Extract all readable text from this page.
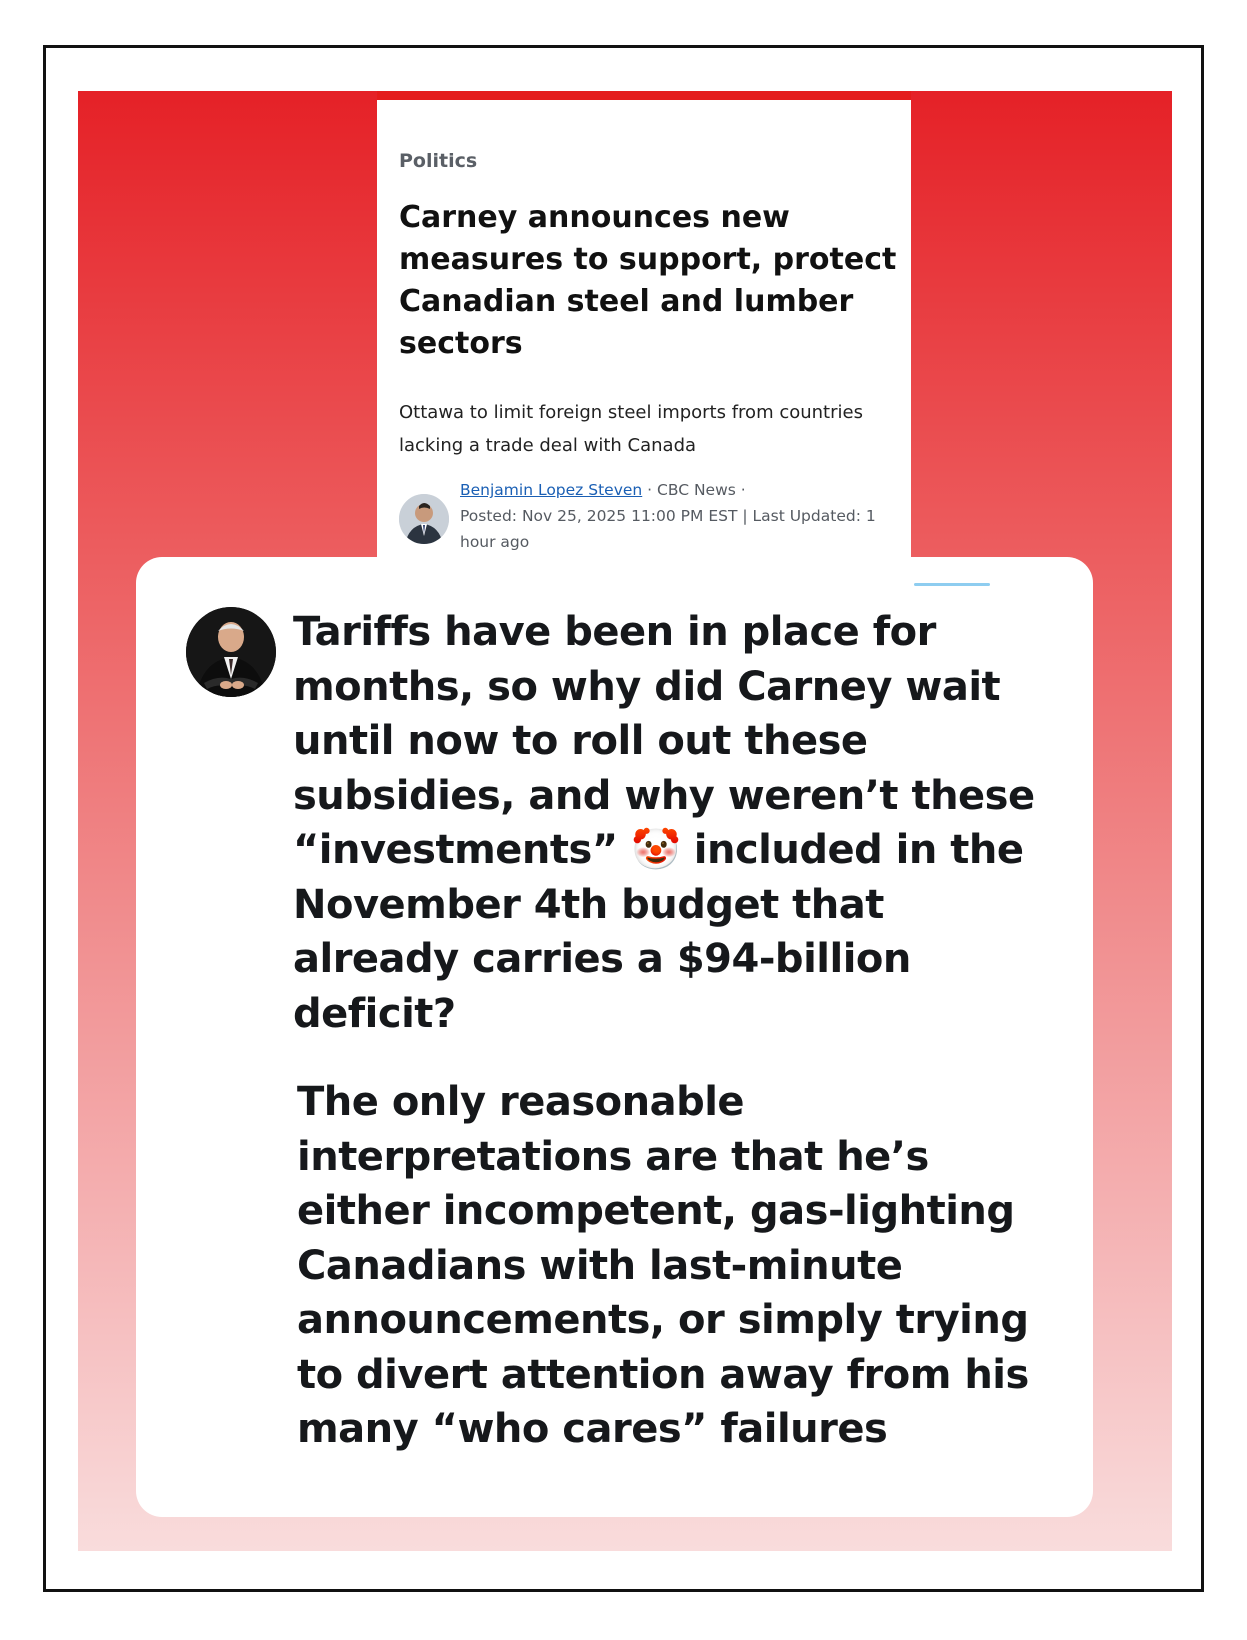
Politics
Carney announces new measures to support, protect Canadian steel and lumber sectors
Ottawa to limit foreign steel imports from countries lacking a trade deal with Canada
Benjamin Lopez Steven · CBC News ·
Posted: Nov 25, 2025 11:00 PM EST | Last Updated: 1 hour ago
Tariffs have been in place for months, so why did Carney wait until now to roll out these subsidies, and why weren’t these “investments” 🤡 included in the November 4th budget that already carries a $94-billion deficit?
The only reasonable interpretations are that he’s either incompetent, gas-lighting Canadians with last-minute announcements, or simply trying to divert attention away from his many “who cares” failures
